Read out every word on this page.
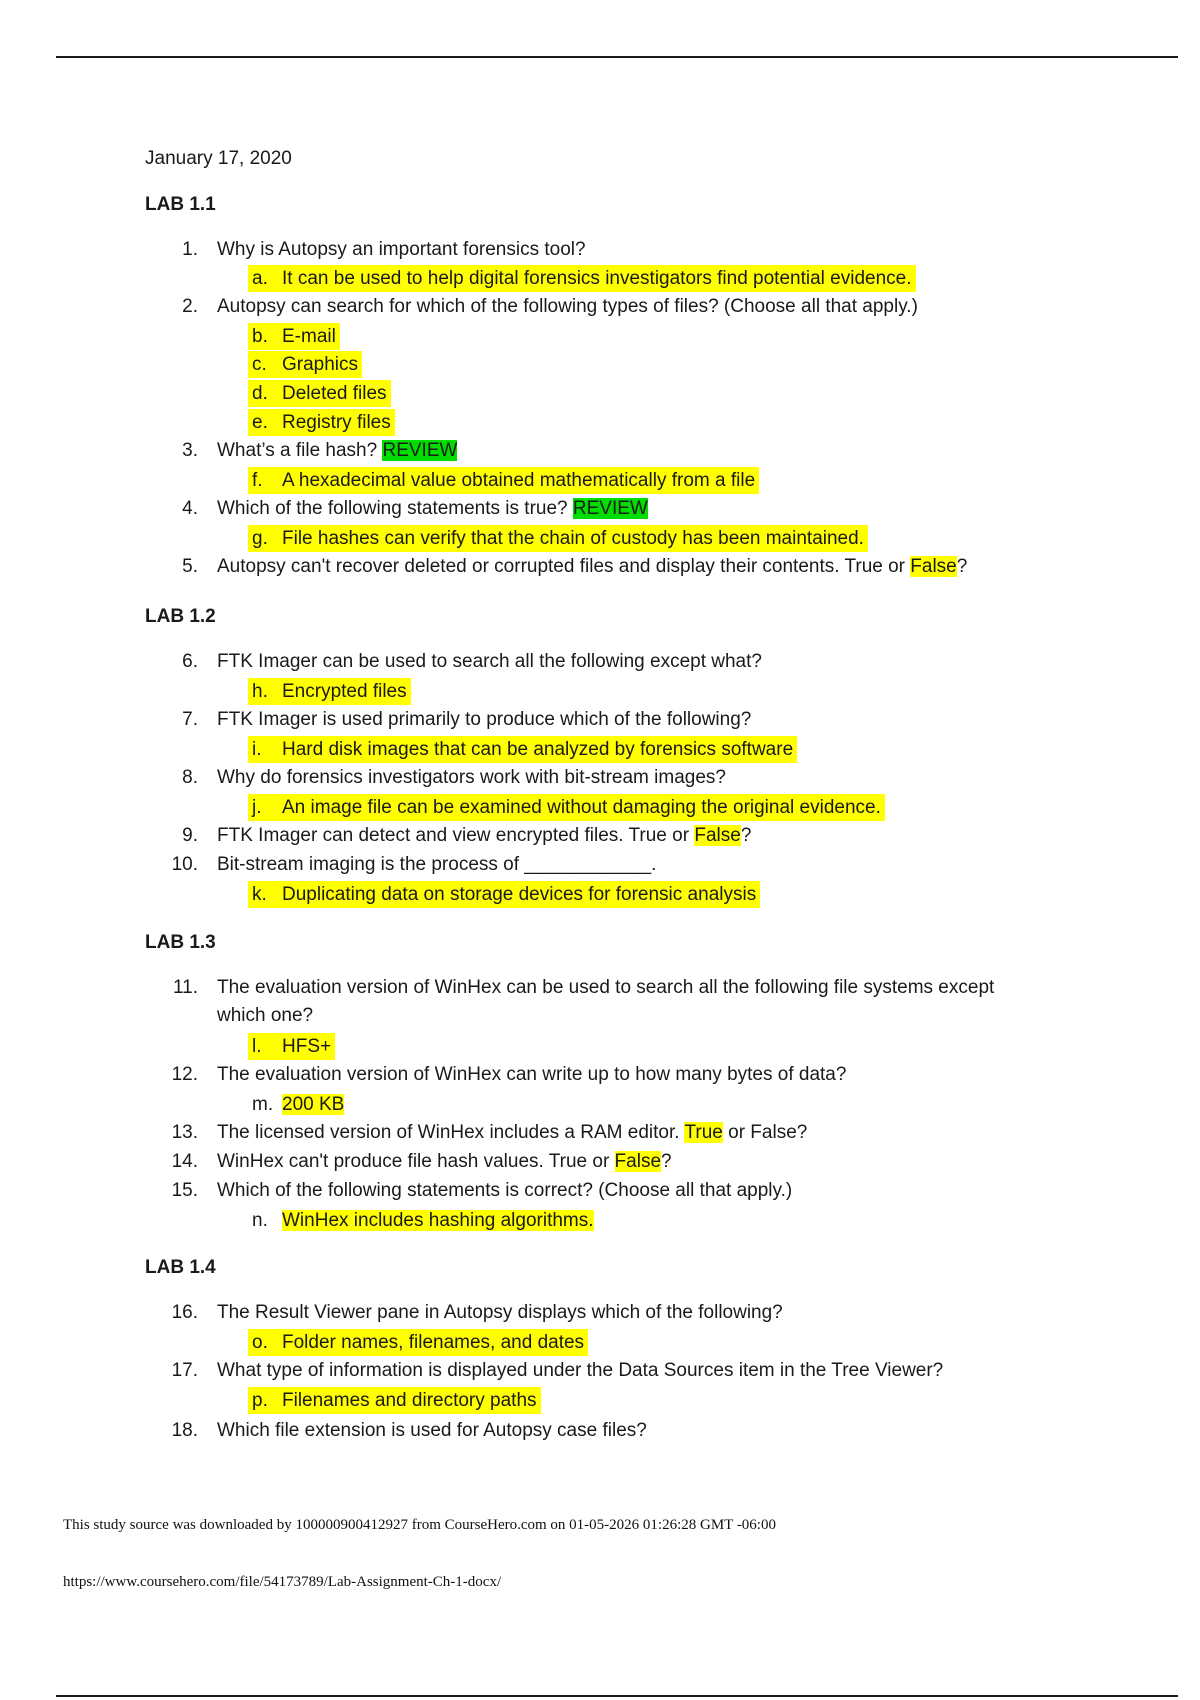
January 17, 2020
LAB 1.1
1. Why is Autopsy an important forensics tool?
a. It can be used to help digital forensics investigators find potential evidence.
2. Autopsy can search for which of the following types of files? (Choose all that apply.)
b. E-mail
c. Graphics
d. Deleted files
e. Registry files
3. What’s a file hash? REVIEW
f. A hexadecimal value obtained mathematically from a file
4. Which of the following statements is true? REVIEW
g. File hashes can verify that the chain of custody has been maintained.
5. Autopsy can't recover deleted or corrupted files and display their contents. True or False?
LAB 1.2
6. FTK Imager can be used to search all the following except what?
h. Encrypted files
7. FTK Imager is used primarily to produce which of the following?
i. Hard disk images that can be analyzed by forensics software
8. Why do forensics investigators work with bit-stream images?
j. An image file can be examined without damaging the original evidence.
9. FTK Imager can detect and view encrypted files. True or False?
10. Bit-stream imaging is the process of ____________.
k. Duplicating data on storage devices for forensic analysis
LAB 1.3
11. The evaluation version of WinHex can be used to search all the following file systems except
which one?
l. HFS+
12. The evaluation version of WinHex can write up to how many bytes of data?
m. 200 KB
13. The licensed version of WinHex includes a RAM editor. True or False?
14. WinHex can't produce file hash values. True or False?
15. Which of the following statements is correct? (Choose all that apply.)
n. WinHex includes hashing algorithms.
LAB 1.4
16. The Result Viewer pane in Autopsy displays which of the following?
o. Folder names, filenames, and dates
17. What type of information is displayed under the Data Sources item in the Tree Viewer?
p. Filenames and directory paths
18. Which file extension is used for Autopsy case files?
This study source was downloaded by 100000900412927 from CourseHero.com on 01-05-2026 01:26:28 GMT -06:00
https://www.coursehero.com/file/54173789/Lab-Assignment-Ch-1-docx/
